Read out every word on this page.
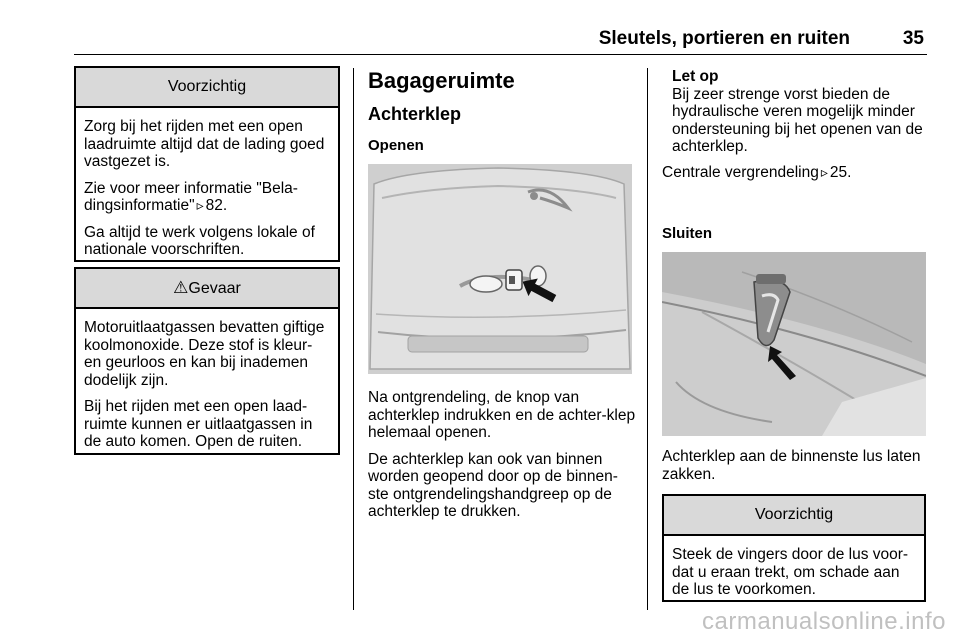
Sleutels, portieren en ruiten	35
Voorzichtig

Zorg bij het rijden met een open laadruimte altijd dat de lading goed vastgezet is.

Zie voor meer informatie "Bela-dingsinformatie" ▹ 82.

Ga altijd te werk volgens lokale of nationale voorschriften.

⚠Gevaar

Motoruitlaatgassen bevatten giftige koolmonoxide. Deze stof is kleur- en geurloos en kan bij inademen dodelijk zijn.

Bij het rijden met een open laad-ruimte kunnen er uitlaatgassen in de auto komen. Open de ruiten.

Bagageruimte
Achterklep
Openen

Na ontgrendeling, de knop van achterklep indrukken en de achter-klep helemaal openen.

De achterklep kan ook van binnen worden geopend door op de binnen-ste ontgrendelingshandgreep op de achterklep te drukken.

Let op
Bij zeer strenge vorst bieden de hydraulische veren mogelijk minder ondersteuning bij het openen van de achterklep.
Centrale vergrendeling ▹ 25.
Sluiten
Achterklep aan de binnenste lus laten zakken.
Voorzichtig
Steek de vingers door de lus voor-dat u eraan trekt, om schade aan de lus te voorkomen.
carmanualsonline.info
